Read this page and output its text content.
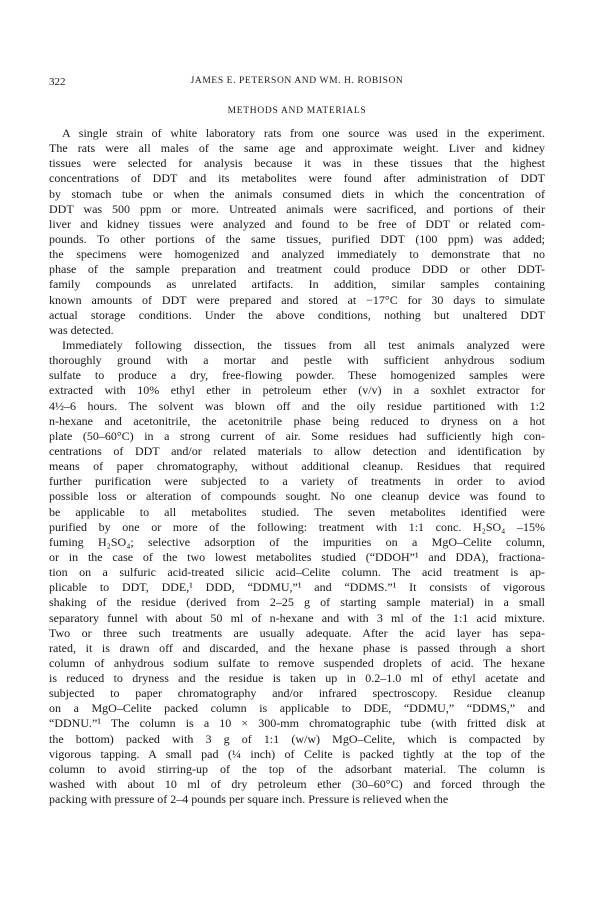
322	JAMES E. PETERSON AND WM. H. ROBISON
METHODS AND MATERIALS
A single strain of white laboratory rats from one source was used in the experiment.
The rats were all males of the same age and approximate weight. Liver and kidney
tissues were selected for analysis because it was in these tissues that the highest
concentrations of DDT and its metabolites were found after administration of DDT
by stomach tube or when the animals consumed diets in which the concentration of
DDT was 500 ppm or more. Untreated animals were sacrificed, and portions of their
liver and kidney tissues were analyzed and found to be free of DDT or related com-
pounds. To other portions of the same tissues, purified DDT (100 ppm) was added;
the specimens were homogenized and analyzed immediately to demonstrate that no
phase of the sample preparation and treatment could produce DDD or other DDT-
family compounds as unrelated artifacts. In addition, similar samples containing
known amounts of DDT were prepared and stored at −17°C for 30 days to simulate
actual storage conditions. Under the above conditions, nothing but unaltered DDT
was detected.
Immediately following dissection, the tissues from all test animals analyzed were
thoroughly ground with a mortar and pestle with sufficient anhydrous sodium
sulfate to produce a dry, free-flowing powder. These homogenized samples were
extracted with 10% ethyl ether in petroleum ether (v/v) in a soxhlet extractor for
4½–6 hours. The solvent was blown off and the oily residue partitioned with 1:2
n-hexane and acetonitrile, the acetonitrile phase being reduced to dryness on a hot
plate (50–60°C) in a strong current of air. Some residues had sufficiently high con-
centrations of DDT and/or related materials to allow detection and identification by
means of paper chromatography, without additional cleanup. Residues that required
further purification were subjected to a variety of treatments in order to aviod
possible loss or alteration of compounds sought. No one cleanup device was found to
be applicable to all metabolites studied. The seven metabolites identified were
purified by one or more of the following: treatment with 1:1 conc. H₂SO₄ –15%
fuming H₂SO₄; selective adsorption of the impurities on a MgO–Celite column,
or in the case of the two lowest metabolites studied (“DDOH”¹ and DDA), fractiona-
tion on a sulfuric acid-treated silicic acid–Celite column. The acid treatment is ap-
plicable to DDT, DDE,¹ DDD, “DDMU,”¹ and “DDMS.”¹ It consists of vigorous
shaking of the residue (derived from 2–25 g of starting sample material) in a small
separatory funnel with about 50 ml of n-hexane and with 3 ml of the 1:1 acid mixture.
Two or three such treatments are usually adequate. After the acid layer has sepa-
rated, it is drawn off and discarded, and the hexane phase is passed through a short
column of anhydrous sodium sulfate to remove suspended droplets of acid. The hexane
is reduced to dryness and the residue is taken up in 0.2–1.0 ml of ethyl acetate and
subjected to paper chromatography and/or infrared spectroscopy. Residue cleanup
on a MgO–Celite packed column is applicable to DDE, “DDMU,” “DDMS,” and
“DDNU.”¹ The column is a 10 × 300-mm chromatographic tube (with fritted disk at
the bottom) packed with 3 g of 1:1 (w/w) MgO–Celite, which is compacted by
vigorous tapping. A small pad (¼ inch) of Celite is packed tightly at the top of the
column to avoid stirring-up of the top of the adsorbant material. The column is
washed with about 10 ml of dry petroleum ether (30–60°C) and forced through the
packing with pressure of 2–4 pounds per square inch. Pressure is relieved when the
